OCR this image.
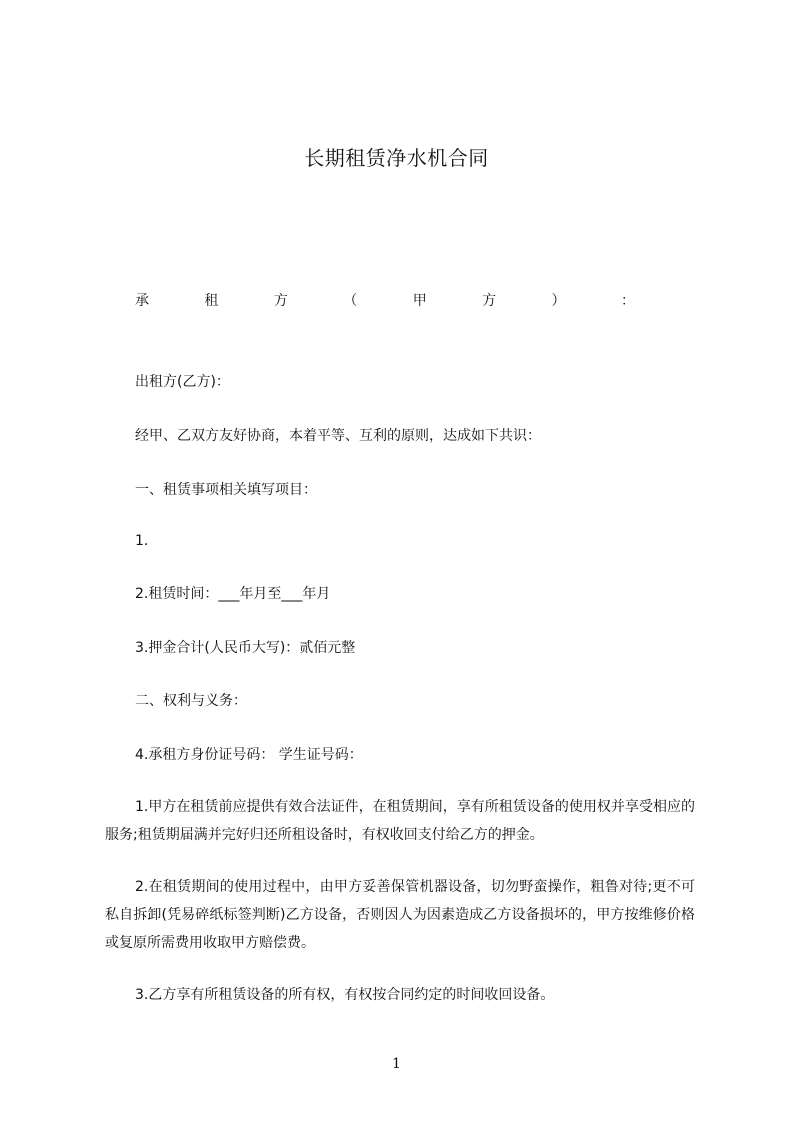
长期租赁净水机合同
承	租	方	（	甲	方	）	：
出租方(乙方)：
经甲、乙双方友好协商，本着平等、互利的原则，达成如下共识：
一、租赁事项相关填写项目：
1.
2.租赁时间：___年月至___年月
3.押金合计(人民币大写)：贰佰元整
二、权利与义务：
4.承租方身份证号码： 学生证号码：
1.甲方在租赁前应提供有效合法证件，在租赁期间，享有所租赁设备的使用权并享受相应的服务;租赁期届满并完好归还所租设备时，有权收回支付给乙方的押金。
2.在租赁期间的使用过程中，由甲方妥善保管机器设备，切勿野蛮操作，粗鲁对待;更不可私自拆卸(凭易碎纸标签判断)乙方设备，否则因人为因素造成乙方设备损坏的，甲方按维修价格或复原所需费用收取甲方赔偿费。
3.乙方享有所租赁设备的所有权，有权按合同约定的时间收回设备。
1
